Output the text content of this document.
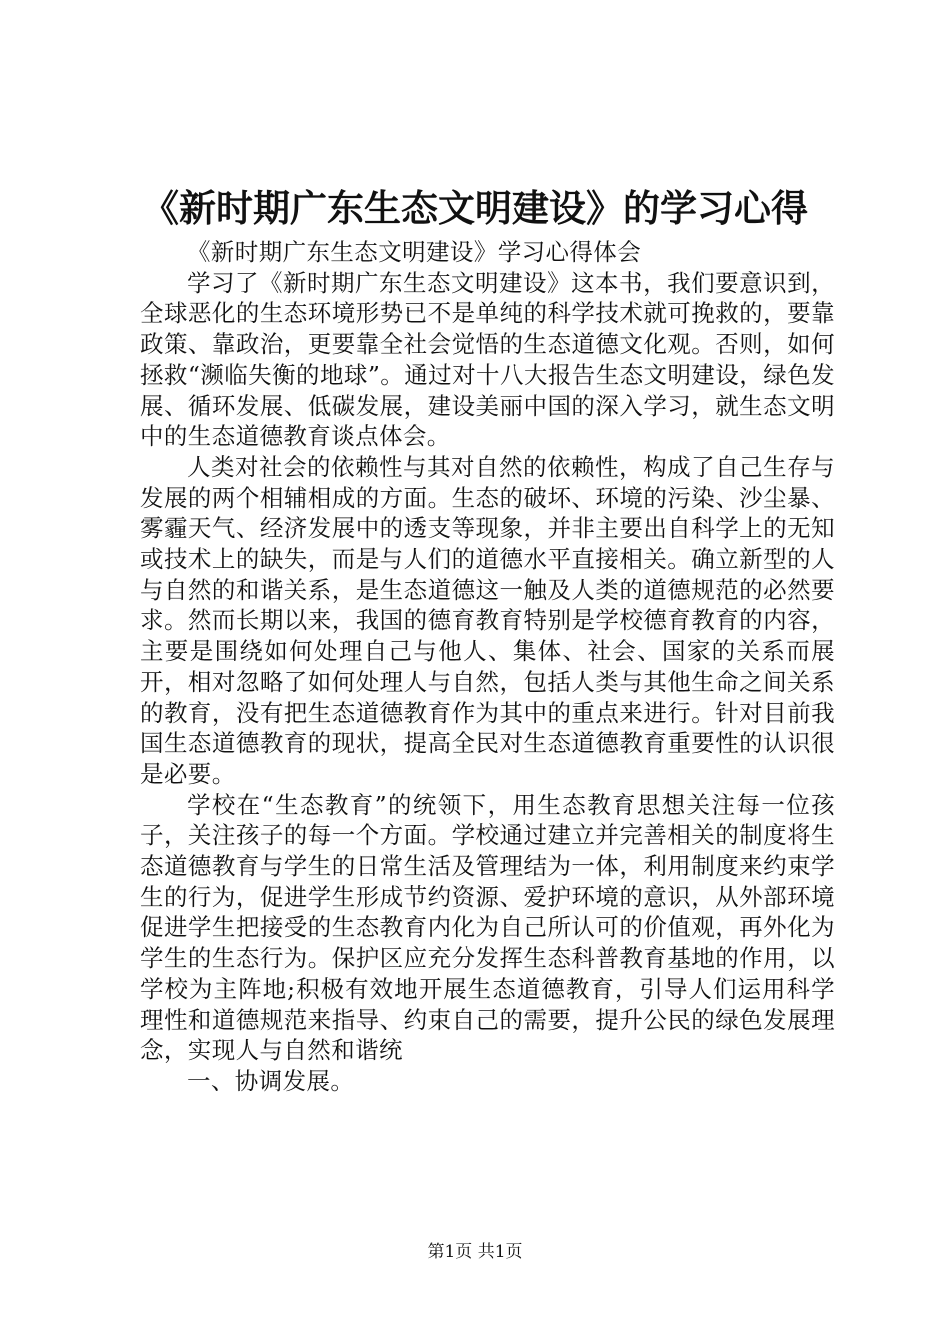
《新时期广东生态文明建设》的学习心得

《新时期广东生态文明建设》学习心得体会

学习了《新时期广东生态文明建设》这本书，我们要意识到，全球恶化的生态环境形势已不是单纯的科学技术就可挽救的，要靠政策、靠政治，更要靠全社会觉悟的生态道德文化观。否则，如何拯救“濒临失衡的地球”。通过对十八大报告生态文明建设，绿色发展、循环发展、低碳发展，建设美丽中国的深入学习，就生态文明中的生态道德教育谈点体会。

人类对社会的依赖性与其对自然的依赖性，构成了自己生存与发展的两个相辅相成的方面。生态的破坏、环境的污染、沙尘暴、雾霾天气、经济发展中的透支等现象，并非主要出自科学上的无知或技术上的缺失，而是与人们的道德水平直接相关。确立新型的人与自然的和谐关系，是生态道德这一触及人类的道德规范的必然要求。然而长期以来，我国的德育教育特别是学校德育教育的内容，主要是围绕如何处理自己与他人、集体、社会、国家的关系而展开，相对忽略了如何处理人与自然，包括人类与其他生命之间关系的教育，没有把生态道德教育作为其中的重点来进行。针对目前我国生态道德教育的现状，提高全民对生态道德教育重要性的认识很是必要。

学校在“生态教育”的统领下，用生态教育思想关注每一位孩子，关注孩子的每一个方面。学校通过建立并完善相关的制度将生态道德教育与学生的日常生活及管理结为一体，利用制度来约束学生的行为，促进学生形成节约资源、爱护环境的意识，从外部环境促进学生把接受的生态教育内化为自己所认可的价值观，再外化为学生的生态行为。保护区应充分发挥生态科普教育基地的作用，以学校为主阵地;积极有效地开展生态道德教育，引导人们运用科学理性和道德规范来指导、约束自己的需要，提升公民的绿色发展理念，实现人与自然和谐统

一、协调发展。

第1页 共1页
